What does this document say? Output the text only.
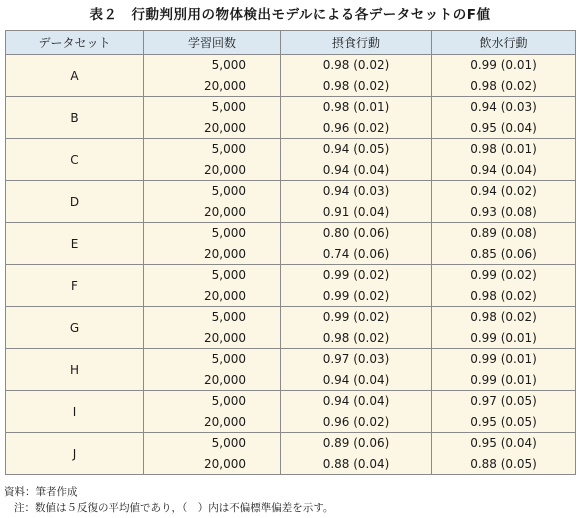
表２　行動判別用の物体検出モデルによる各データセットのF値
データセット	学習回数	摂食行動	飲水行動
A	5,000	0.98 (0.02)	0.99 (0.01)
	20,000	0.98 (0.02)	0.98 (0.02)
B	5,000	0.98 (0.01)	0.94 (0.03)
	20,000	0.96 (0.02)	0.95 (0.04)
C	5,000	0.94 (0.05)	0.98 (0.01)
	20,000	0.94 (0.04)	0.94 (0.04)
D	5,000	0.94 (0.03)	0.94 (0.02)
	20,000	0.91 (0.04)	0.93 (0.08)
E	5,000	0.80 (0.06)	0.89 (0.08)
	20,000	0.74 (0.06)	0.85 (0.06)
F	5,000	0.99 (0.02)	0.99 (0.02)
	20,000	0.99 (0.02)	0.98 (0.02)
G	5,000	0.99 (0.02)	0.98 (0.02)
	20,000	0.98 (0.02)	0.99 (0.01)
H	5,000	0.97 (0.03)	0.99 (0.01)
	20,000	0.94 (0.04)	0.99 (0.01)
I	5,000	0.94 (0.04)	0.97 (0.05)
	20,000	0.96 (0.02)	0.95 (0.05)
J	5,000	0.89 (0.06)	0.95 (0.04)
	20,000	0.88 (0.04)	0.88 (0.05)
資料：筆者作成
注：数値は５反復の平均値であり，（　）内は不偏標準偏差を示す。
